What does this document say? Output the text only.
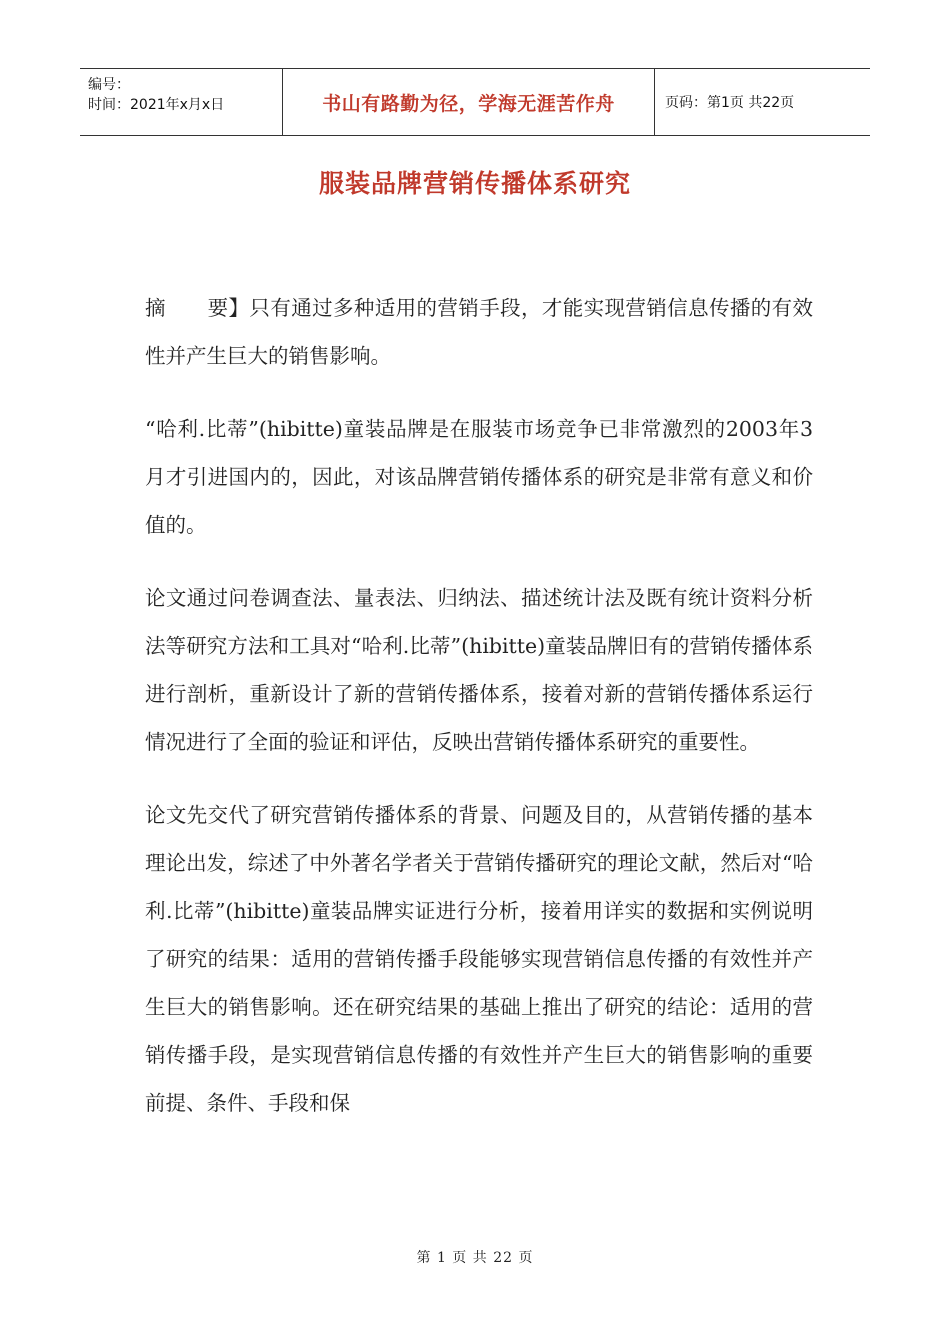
编号：
时间：2021年x月x日	书山有路勤为径，学海无涯苦作舟	页码：第1页 共22页
服装品牌营销传播体系研究

摘　　要】只有通过多种适用的营销手段，才能实现营销信息传播的有效性并产生巨大的销售影响。

“哈利.比蒂”(hibitte)童装品牌是在服装市场竞争已非常激烈的2003年3月才引进国内的，因此，对该品牌营销传播体系的研究是非常有意义和价值的。

论文通过问卷调查法、量表法、归纳法、描述统计法及既有统计资料分析法等研究方法和工具对“哈利.比蒂”(hibitte)童装品牌旧有的营销传播体系进行剖析，重新设计了新的营销传播体系，接着对新的营销传播体系运行情况进行了全面的验证和评估，反映出营销传播体系研究的重要性。

论文先交代了研究营销传播体系的背景、问题及目的，从营销传播的基本理论出发，综述了中外著名学者关于营销传播研究的理论文献，然后对“哈利.比蒂”(hibitte)童装品牌实证进行分析，接着用详实的数据和实例说明了研究的结果：适用的营销传播手段能够实现营销信息传播的有效性并产生巨大的销售影响。还在研究结果的基础上推出了研究的结论：适用的营销传播手段，是实现营销信息传播的有效性并产生巨大的销售影响的重要前提、条件、手段和保

第 1 页 共 22 页
